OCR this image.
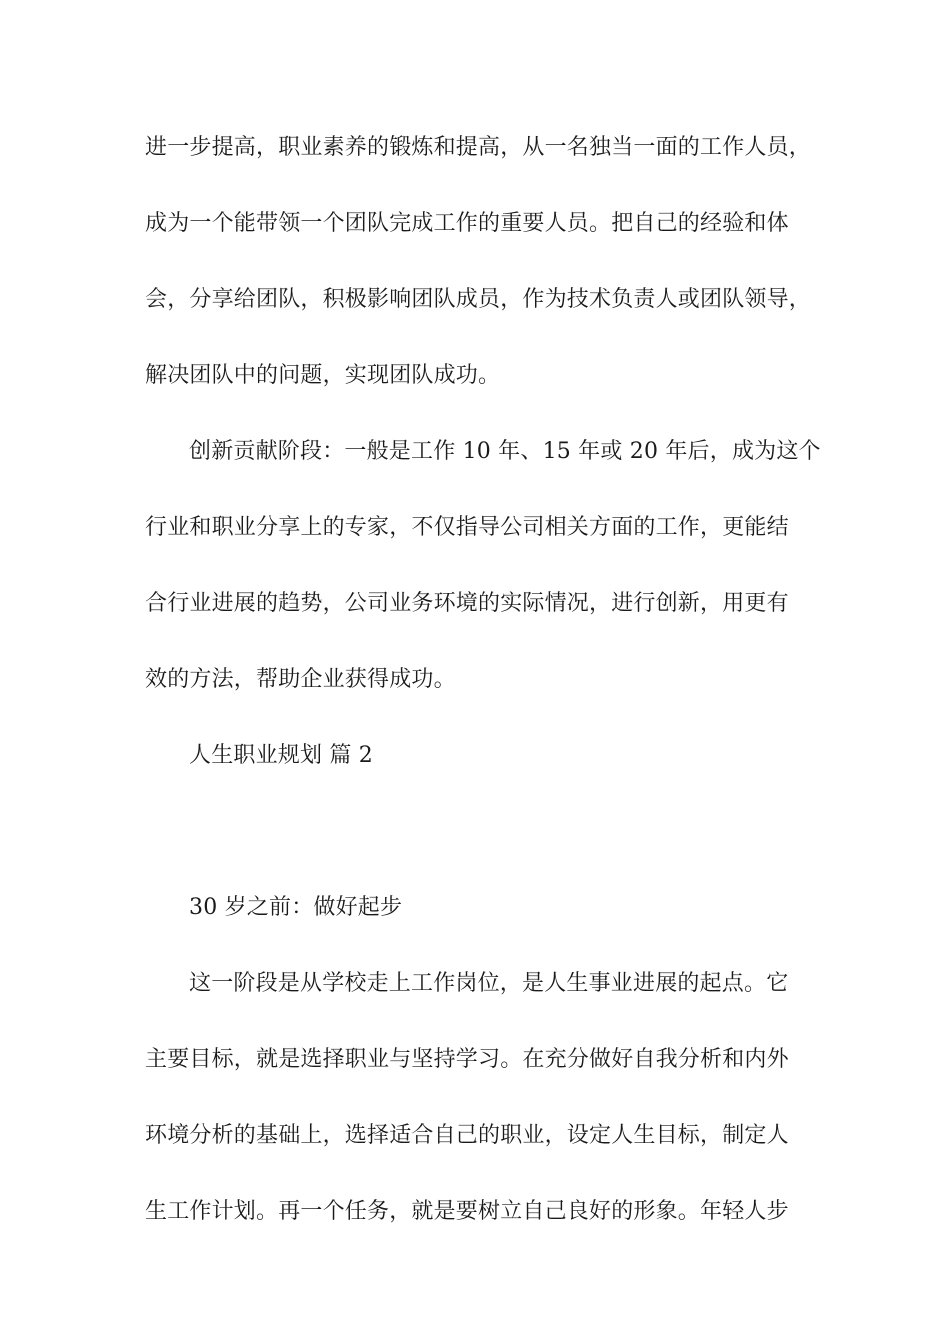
进一步提高，职业素养的锻炼和提高，从一名独当一面的工作人员，
成为一个能带领一个团队完成工作的重要人员。把自己的经验和体
会，分享给团队，积极影响团队成员，作为技术负责人或团队领导，
解决团队中的问题，实现团队成功。
创新贡献阶段：一般是工作 10 年、15 年或 20 年后，成为这个
行业和职业分享上的专家，不仅指导公司相关方面的工作，更能结
合行业进展的趋势，公司业务环境的实际情况，进行创新，用更有
效的方法，帮助企业获得成功。
人生职业规划 篇 2
30 岁之前：做好起步
这一阶段是从学校走上工作岗位，是人生事业进展的起点。它
主要目标，就是选择职业与坚持学习。在充分做好自我分析和内外
环境分析的基础上，选择适合自己的职业，设定人生目标，制定人
生工作计划。再一个任务，就是要树立自己良好的形象。年轻人步
